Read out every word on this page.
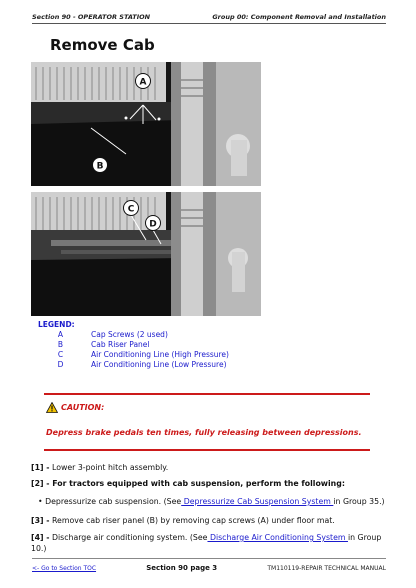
Section 90 - OPERATOR STATION	Group 00: Component Removal and Installation
Remove Cab
A
B
C
D
LEGEND:
A	Cap Screws (2 used)
B	Cab Riser Panel
C	Air Conditioning Line (High Pressure)
D	Air Conditioning Line (Low Pressure)
CAUTION:
Depress brake pedals ten times, fully releasing between depressions.
[1] - Lower 3-point hitch assembly.
[2] - For tractors equipped with cab suspension, perform the following:
• Depressurize cab suspension. (See Depressurize Cab Suspension System in Group 35.)
[3] - Remove cab riser panel (B) by removing cap screws (A) under floor mat.
[4] - Discharge air conditioning system. (See Discharge Air Conditioning System in Group 10.)
<- Go to Section TOC	Section 90 page 3	TM110119-REPAIR TECHNICAL MANUAL
